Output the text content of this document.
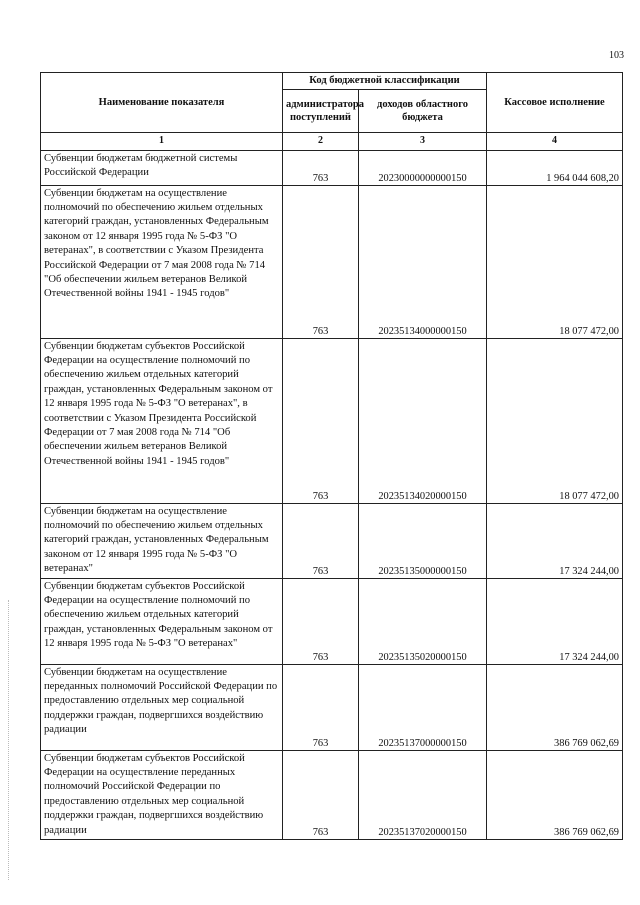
103
Наименование показателя	Код бюджетной классификации		Кассовое исполнение
	администратора поступлений	доходов областного бюджета	
1	2	3	4
Субвенции бюджетам бюджетной системы Российской Федерации	763	20230000000000150	1 964 044 608,20
Субвенции бюджетам на осуществление полномочий по обеспечению жильем отдельных категорий граждан, установленных Федеральным законом от 12 января 1995 года № 5-ФЗ "О ветеранах", в соответствии с Указом Президента Российской Федерации от 7 мая 2008 года № 714 "Об обеспечении жильем ветеранов Великой Отечественной войны 1941 - 1945 годов"	763	20235134000000150	18 077 472,00
Субвенции бюджетам субъектов Российской Федерации на осуществление полномочий по обеспечению жильем отдельных категорий граждан, установленных Федеральным законом от 12 января 1995 года № 5-ФЗ "О ветеранах", в соответствии с Указом Президента Российской Федерации от 7 мая 2008 года № 714 "Об обеспечении жильем ветеранов Великой Отечественной войны 1941 - 1945 годов"	763	20235134020000150	18 077 472,00
Субвенции бюджетам на осуществление полномочий по обеспечению жильем отдельных категорий граждан, установленных Федеральным законом от 12 января 1995 года № 5-ФЗ "О ветеранах"	763	20235135000000150	17 324 244,00
Субвенции бюджетам субъектов Российской Федерации на осуществление полномочий по обеспечению жильем отдельных категорий граждан, установленных Федеральным законом от 12 января 1995 года № 5-ФЗ "О ветеранах"	763	20235135020000150	17 324 244,00
Субвенции бюджетам на осуществление переданных полномочий Российской Федерации по предоставлению отдельных мер социальной поддержки граждан, подвергшихся воздействию радиации	763	20235137000000150	386 769 062,69
Субвенции бюджетам субъектов Российской Федерации на осуществление переданных полномочий Российской Федерации по предоставлению отдельных мер социальной поддержки граждан, подвергшихся воздействию радиации	763	20235137020000150	386 769 062,69
